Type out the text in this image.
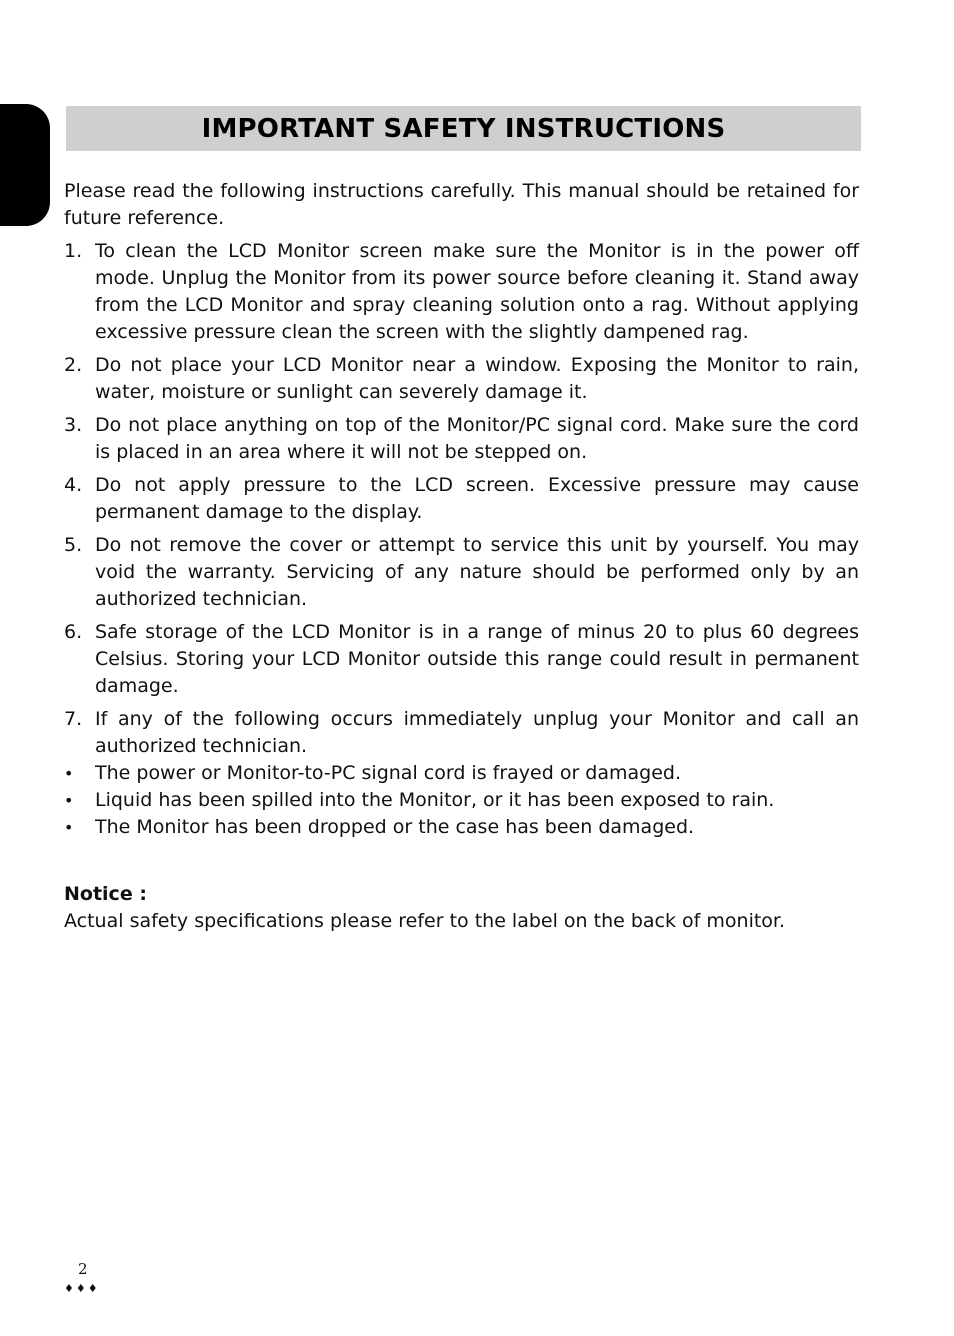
IMPORTANT SAFETY INSTRUCTIONS

Please read the following instructions carefully. This manual should be retained for future reference.

1. To clean the LCD Monitor screen make sure the Monitor is in the power off mode. Unplug the Monitor from its power source before cleaning it. Stand away from the LCD Monitor and spray cleaning solution onto a rag. Without applying excessive pressure clean the screen with the slightly dampened rag.
2. Do not place your LCD Monitor near a window. Exposing the Monitor to rain, water, moisture or sunlight can severely damage it.
3. Do not place anything on top of the Monitor/PC signal cord. Make sure the cord is placed in an area where it will not be stepped on.
4. Do not apply pressure to the LCD screen. Excessive pressure may cause permanent damage to the display.
5. Do not remove the cover or attempt to service this unit by yourself. You may void the warranty. Servicing of any nature should be performed only by an authorized technician.
6. Safe storage of the LCD Monitor is in a range of minus 20 to plus 60 degrees Celsius. Storing your LCD Monitor outside this range could result in permanent damage.
7. If any of the following occurs immediately unplug your Monitor and call an authorized technician.
•	The power or Monitor-to-PC signal cord is frayed or damaged.
•	Liquid has been spilled into the Monitor, or it has been exposed to rain.
•	The Monitor has been dropped or the case has been damaged.
Notice :
Actual safety specifications please refer to the label on the back of monitor.
2
♦♦♦
